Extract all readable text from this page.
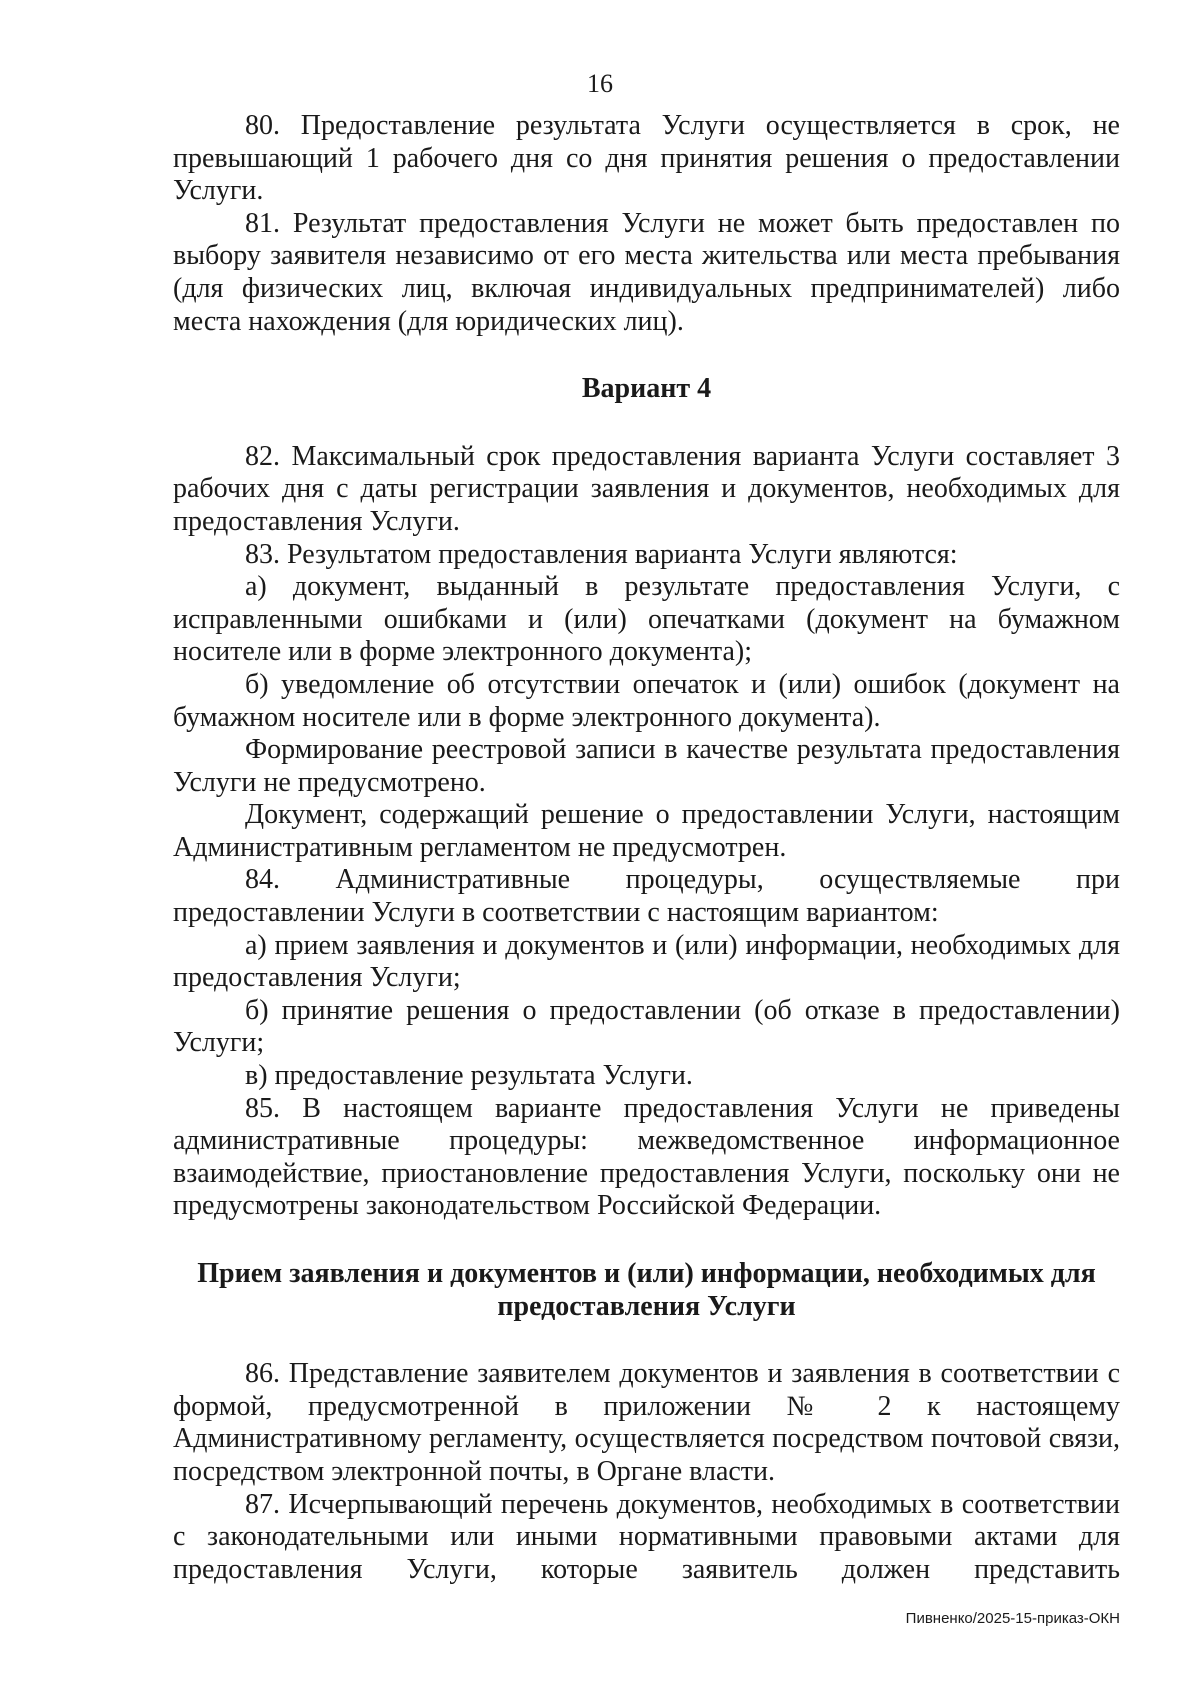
16

80. Предоставление результата Услуги осуществляется в срок, не превышающий 1 рабочего дня со дня принятия решения о предоставлении Услуги.

81. Результат предоставления Услуги не может быть предоставлен по выбору заявителя независимо от его места жительства или места пребывания (для физических лиц, включая индивидуальных предпринимателей) либо места нахождения (для юридических лиц).

Вариант 4

82. Максимальный срок предоставления варианта Услуги составляет 3 рабочих дня с даты регистрации заявления и документов, необходимых для предоставления Услуги.

83. Результатом предоставления варианта Услуги являются:

а) документ, выданный в результате предоставления Услуги, с исправленными ошибками и (или) опечатками (документ на бумажном носителе или в форме электронного документа);

б) уведомление об отсутствии опечаток и (или) ошибок (документ на бумажном носителе или в форме электронного документа).

Формирование реестровой записи в качестве результата предоставления Услуги не предусмотрено.

Документ, содержащий решение о предоставлении Услуги, настоящим Административным регламентом не предусмотрен.

84. Административные процедуры, осуществляемые при предоставлении Услуги в соответствии с настоящим вариантом:

а) прием заявления и документов и (или) информации, необходимых для предоставления Услуги;

б) принятие решения о предоставлении (об отказе в предоставлении) Услуги;

в) предоставление результата Услуги.

85. В настоящем варианте предоставления Услуги не приведены административные процедуры: межведомственное информационное взаимодействие, приостановление предоставления Услуги, поскольку они не предусмотрены законодательством Российской Федерации.

Прием заявления и документов и (или) информации, необходимых для предоставления Услуги

86. Представление заявителем документов и заявления в соответствии с формой, предусмотренной в приложении № 2 к настоящему Административному регламенту, осуществляется посредством почтовой связи, посредством электронной почты, в Органе власти.

87. Исчерпывающий перечень документов, необходимых в соответствии с законодательными или иными нормативными правовыми актами для предоставления Услуги, которые заявитель должен представить

Пивненко/2025-15-приказ-ОКН
